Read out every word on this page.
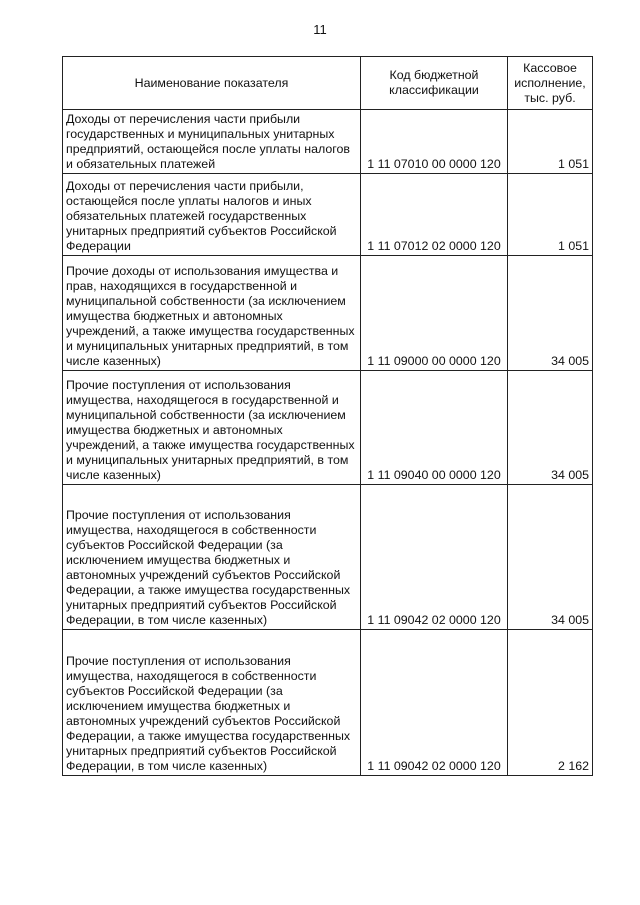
11
Наименование показателя	Код бюджетной классификации	Кассовое исполнение, тыс. руб.
Доходы от перечисления части прибыли государственных и муниципальных унитарных предприятий, остающейся после уплаты налогов и обязательных платежей	1 11 07010 00 0000 120	1 051
Доходы от перечисления части прибыли, остающейся после уплаты налогов и иных обязательных платежей государственных унитарных предприятий субъектов Российской Федерации	1 11 07012 02 0000 120	1 051
Прочие доходы от использования имущества и прав, находящихся в государственной и муниципальной собственности (за исключением имущества бюджетных и автономных учреждений, а также имущества государственных и муниципальных унитарных предприятий, в том числе казенных)	1 11 09000 00 0000 120	34 005
Прочие поступления от использования имущества, находящегося в государственной и муниципальной собственности (за исключением имущества бюджетных и автономных учреждений, а также имущества государственных и муниципальных унитарных предприятий, в том числе казенных)	1 11 09040 00 0000 120	34 005
Прочие поступления от использования имущества, находящегося в собственности субъектов Российской Федерации (за исключением имущества бюджетных и автономных учреждений субъектов Российской Федерации, а также имущества государственных унитарных предприятий субъектов Российской Федерации, в том числе казенных)	1 11 09042 02 0000 120	34 005
Прочие поступления от использования имущества, находящегося в собственности субъектов Российской Федерации (за исключением имущества бюджетных и автономных учреждений субъектов Российской Федерации, а также имущества государственных унитарных предприятий субъектов Российской Федерации, в том числе казенных)	1 11 09042 02 0000 120	2 162
